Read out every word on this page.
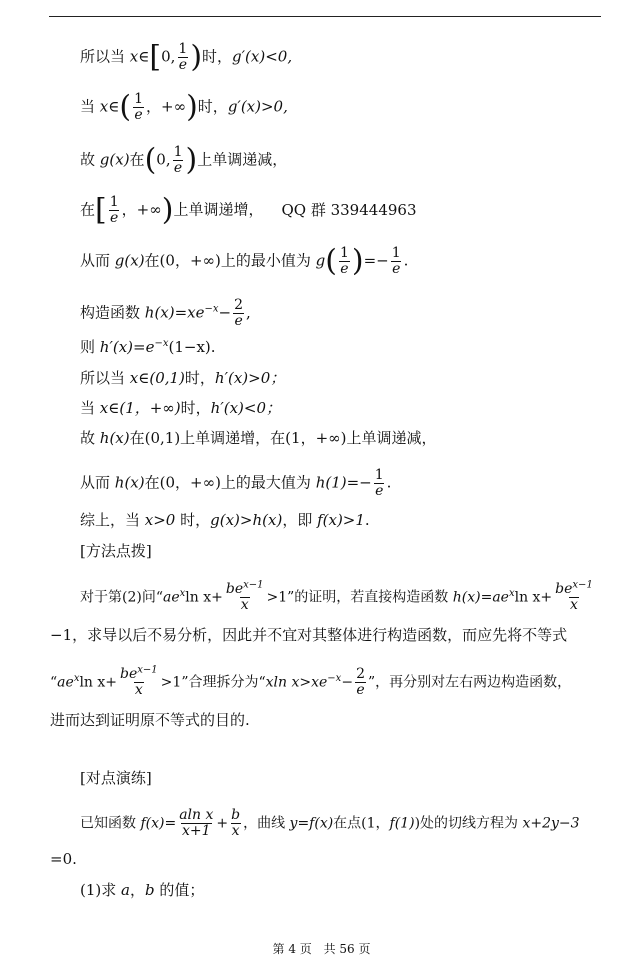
所以当 x∈[0, $\frac{1}{e}$ )时，g′(x)<0,
当 x∈( $\frac{1}{e}$ ，+∞)时，g′(x)>0,
故 g(x)在(0, $\frac{1}{e}$ )上单调递减，
在[ $\frac{1}{e}$ ，+∞)上单调递增， QQ 群 339444963
从而 g(x)在(0，+∞)上的最小值为 $g( \frac{1}{e}$ )=− $\frac{1}{e}$ .
构造函数 $h(x)=xe^{-x}- \frac{2}{e}$ ,
则 $h'(x)=e^{-x}(1-x)$.
所以当 x∈(0,1)时，h′(x)>0；
当 x∈(1，+∞)时，h′(x)<0；
故 h(x)在(0,1)上单调递增，在(1，+∞)上单调递减，
从而 h(x)在(0，+∞)上的最大值为 $h(1)=- \frac{1}{e}$ .
综上，当 x>0 时，g(x)>h(x)，即 f(x)>1.
[方法点拨]
对于第(2)问“$ae^x\ln$ $x+ \frac{be^{x-1}}{x} >1$”的证明，若直接构造函数 $h(x)=ae^x\ln$ $x+ \frac{be^{x-1}}{x}$
−1，求导以后不易分析，因此并不宜对其整体进行构造函数，而应先将不等式
“$ae^x\ln$ $x+ \frac{be^{x-1}}{x} >1$”合理拆分为“xln $x>xe^{-x}- \frac{2}{e}$ ”，再分别对左右两边构造函数，
进而达到证明原不等式的目的.
[对点演练]
已知函数 $f(x)= \frac{\text{aln x}}{x+1} + \frac{b}{x}$ ，曲线 y=f(x)在点(1，f(1))处的切线方程为 x+2y−3
=0.
(1)求 a，b 的值；
第 4 页 共 56 页
